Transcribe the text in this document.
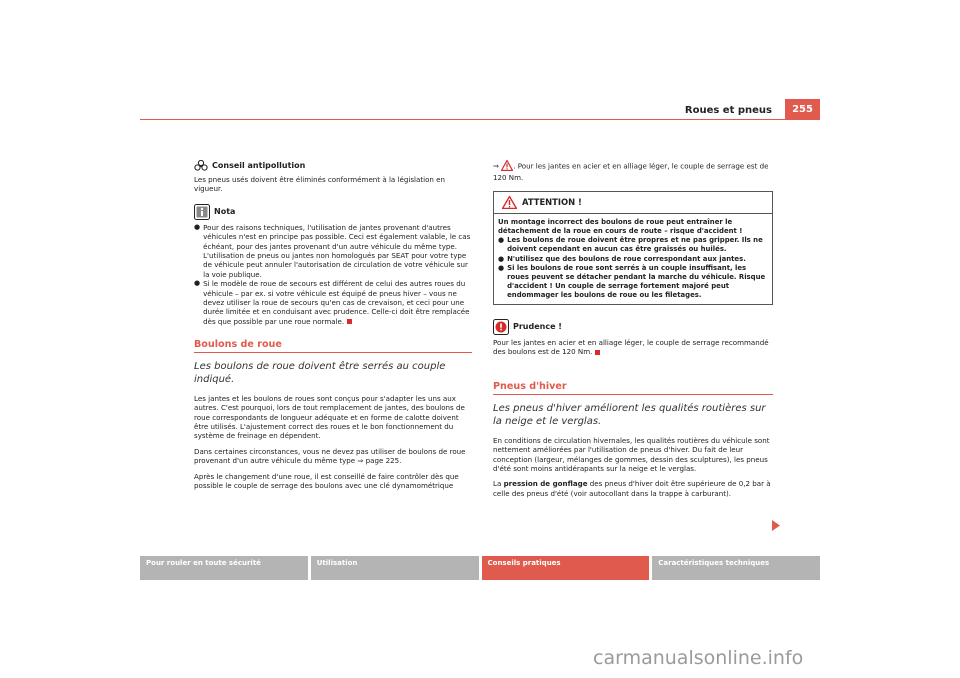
Roues et pneus	255
Conseil antipollution

Les pneus usés doivent être éliminés conformément à la législation en vigueur.

Nota
● Pour des raisons techniques, l'utilisation de jantes provenant d'autres véhicules n'est en principe pas possible. Ceci est également valable, le cas échéant, pour des jantes provenant d'un autre véhicule du même type. L'utilisation de pneus ou jantes non homologués par SEAT pour votre type de véhicule peut annuler l'autorisation de circulation de votre véhicule sur la voie publique.
● Si le modèle de roue de secours est différent de celui des autres roues du véhicule – par ex. si votre véhicule est équipé de pneus hiver – vous ne devez utiliser la roue de secours qu'en cas de crevaison, et ceci pour une durée limitée et en conduisant avec prudence. Celle-ci doit être remplacée dès que possible par une roue normale.
Boulons de roue
Les boulons de roue doivent être serrés au couple indiqué.

Les jantes et les boulons de roues sont conçus pour s'adapter les uns aux autres. C'est pourquoi, lors de tout remplacement de jantes, des boulons de roue correspondants de longueur adéquate et en forme de calotte doivent être utilisés. L'ajustement correct des roues et le bon fonctionnement du système de freinage en dépendent.

Dans certaines circonstances, vous ne devez pas utiliser de boulons de roue provenant d'un autre véhicule du même type ⇒ page 225.

Après le changement d'une roue, il est conseillé de faire contrôler dès que possible le couple de serrage des boulons avec une clé dynamométrique

⇒ . Pour les jantes en acier et en alliage léger, le couple de serrage est de 120 Nm.

ATTENTION !
Un montage incorrect des boulons de roue peut entraîner le détachement de la roue en cours de route – risque d'accident !
● Les boulons de roue doivent être propres et ne pas gripper. Ils ne doivent cependant en aucun cas être graissés ou huilés.
● N'utilisez que des boulons de roue correspondant aux jantes.
● Si les boulons de roue sont serrés à un couple insuffisant, les roues peuvent se détacher pendant la marche du véhicule. Risque d'accident ! Un couple de serrage fortement majoré peut endommager les boulons de roue ou les filetages.
Prudence !

Pour les jantes en acier et en alliage léger, le couple de serrage recommandé des boulons est de 120 Nm.

Pneus d'hiver
Les pneus d'hiver améliorent les qualités routières sur la neige et le verglas.

En conditions de circulation hivernales, les qualités routières du véhicule sont nettement améliorées par l'utilisation de pneus d'hiver. Du fait de leur conception (largeur, mélanges de gommes, dessin des sculptures), les pneus d'été sont moins antidérapants sur la neige et le verglas.

La pression de gonflage des pneus d'hiver doit être supérieure de 0,2 bar à celle des pneus d'été (voir autocollant dans la trappe à carburant).

Pour rouler en toute sécurité	Utilisation	Conseils pratiques	Caractéristiques techniques
carmanualsonline.info
